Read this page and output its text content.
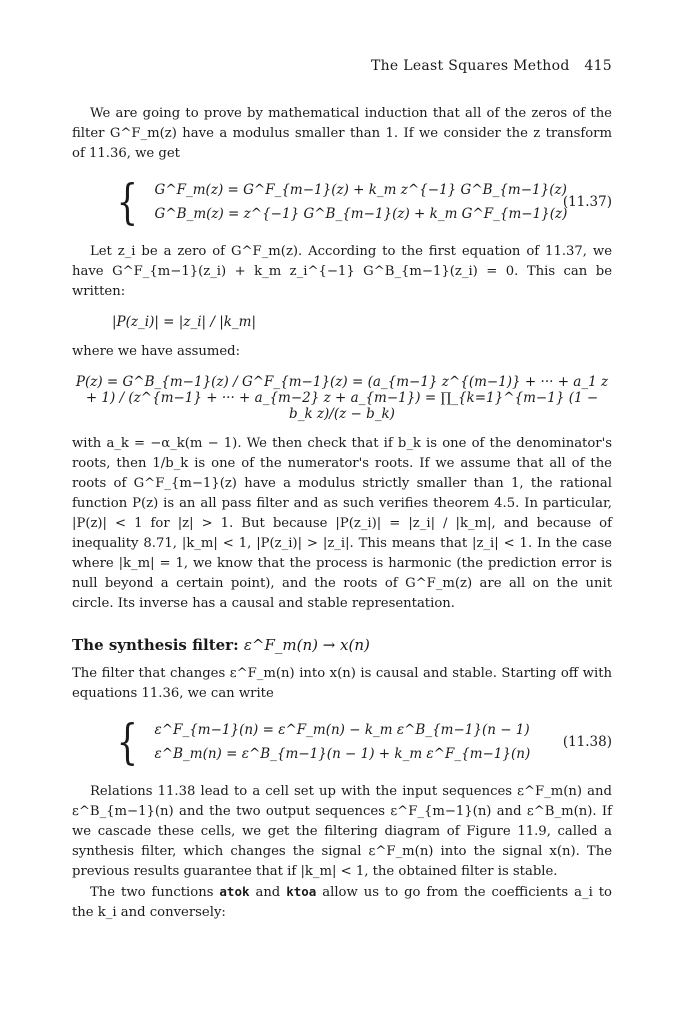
The Least Squares Method 415

We are going to prove by mathematical induction that all of the zeros of the filter G^F_m(z) have a modulus smaller than 1. If we consider the z transform of 11.36, we get

{ G^F_m(z) = G^F_{m−1}(z) + k_m z^{−1} G^B_{m−1}(z)
G^B_m(z) = z^{−1} G^B_{m−1}(z) + k_m G^F_{m−1}(z)
(11.37)

Let z_i be a zero of G^F_m(z). According to the first equation of 11.37, we have G^F_{m−1}(z_i) + k_m z_i^{−1} G^B_{m−1}(z_i) = 0. This can be written:

|P(z_i)| = |z_i| / |k_m|

where we have assumed:

P(z) = G^B_{m−1}(z) / G^F_{m−1}(z) = (a_{m−1} z^{(m−1)} + ··· + a_1 z + 1) / (z^{m−1} + ··· + a_{m−2} z + a_{m−1}) = ∏_{k=1}^{m−1} (1 − b_k z)/(z − b_k)

with a_k = −α_k(m − 1). We then check that if b_k is one of the denominator's roots, then 1/b_k is one of the numerator's roots. If we assume that all of the roots of G^F_{m−1}(z) have a modulus strictly smaller than 1, the rational function P(z) is an all pass filter and as such verifies theorem 4.5. In particular, |P(z)| < 1 for |z| > 1. But because |P(z_i)| = |z_i| / |k_m|, and because of inequality 8.71, |k_m| < 1, |P(z_i)| > |z_i|. This means that |z_i| < 1. In the case where |k_m| = 1, we know that the process is harmonic (the prediction error is null beyond a certain point), and the roots of G^F_m(z) are all on the unit circle. Its inverse has a causal and stable representation.

The synthesis filter: ε^F_m(n) → x(n)

The filter that changes ε^F_m(n) into x(n) is causal and stable. Starting off with equations 11.36, we can write

{ ε^F_{m−1}(n) = ε^F_m(n) − k_m ε^B_{m−1}(n − 1)
ε^B_m(n) = ε^B_{m−1}(n − 1) + k_m ε^F_{m−1}(n)
(11.38)

Relations 11.38 lead to a cell set up with the input sequences ε^F_m(n) and ε^B_{m−1}(n) and the two output sequences ε^F_{m−1}(n) and ε^B_m(n). If we cascade these cells, we get the filtering diagram of Figure 11.9, called a synthesis filter, which changes the signal ε^F_m(n) into the signal x(n). The previous results guarantee that if |k_m| < 1, the obtained filter is stable.

The two functions atok and ktoa allow us to go from the coefficients a_i to the k_i and conversely:
